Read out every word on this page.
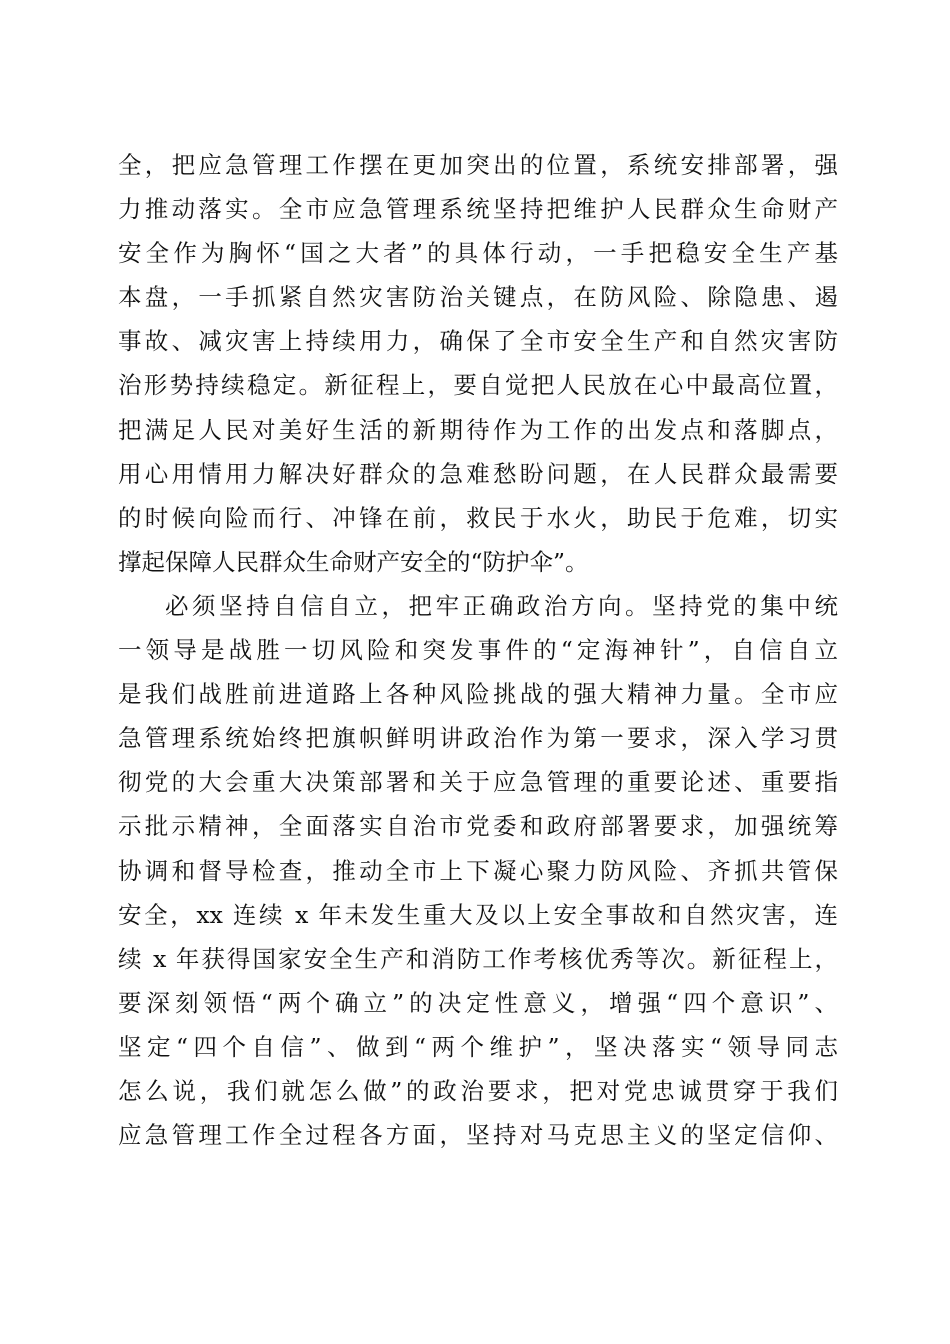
全，把应急管理工作摆在更加突出的位置，系统安排部署，强
力推动落实。全市应急管理系统坚持把维护人民群众生命财产
安全作为胸怀“国之大者”的具体行动，一手把稳安全生产基
本盘，一手抓紧自然灾害防治关键点，在防风险、除隐患、遏
事故、减灾害上持续用力，确保了全市安全生产和自然灾害防
治形势持续稳定。新征程上，要自觉把人民放在心中最高位置，
把满足人民对美好生活的新期待作为工作的出发点和落脚点，
用心用情用力解决好群众的急难愁盼问题，在人民群众最需要
的时候向险而行、冲锋在前，救民于水火，助民于危难，切实
撑起保障人民群众生命财产安全的“防护伞”。
必须坚持自信自立，把牢正确政治方向。坚持党的集中统
一领导是战胜一切风险和突发事件的“定海神针”，自信自立
是我们战胜前进道路上各种风险挑战的强大精神力量。全市应
急管理系统始终把旗帜鲜明讲政治作为第一要求，深入学习贯
彻党的大会重大决策部署和关于应急管理的重要论述、重要指
示批示精神，全面落实自治市党委和政府部署要求，加强统筹
协调和督导检查，推动全市上下凝心聚力防风险、齐抓共管保
安全，xx 连续 x 年未发生重大及以上安全事故和自然灾害，连
续 x 年获得国家安全生产和消防工作考核优秀等次。新征程上，
要深刻领悟“两个确立”的决定性意义，增强“四个意识”、
坚定“四个自信”、做到“两个维护”，坚决落实“领导同志
怎么说，我们就怎么做”的政治要求，把对党忠诚贯穿于我们
应急管理工作全过程各方面，坚持对马克思主义的坚定信仰、
